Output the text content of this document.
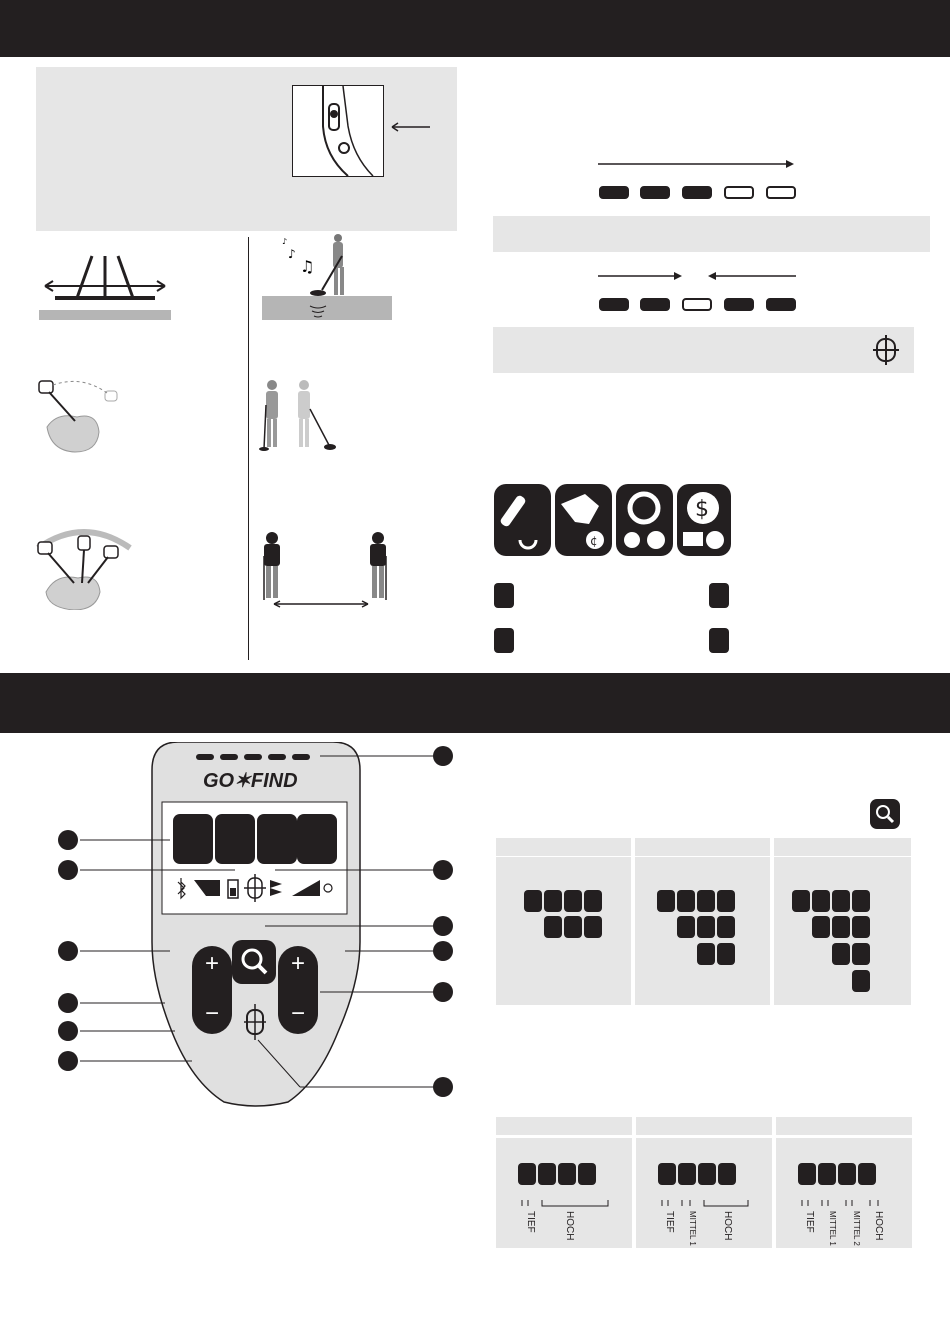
♪
♪
♫
¢
$
GO✶FIND
+
−
+
−
TIEF	HOCH	TIEF MITTEL 1	HOCH	TIEF MITTEL 1 MITTEL 2 HOCH
